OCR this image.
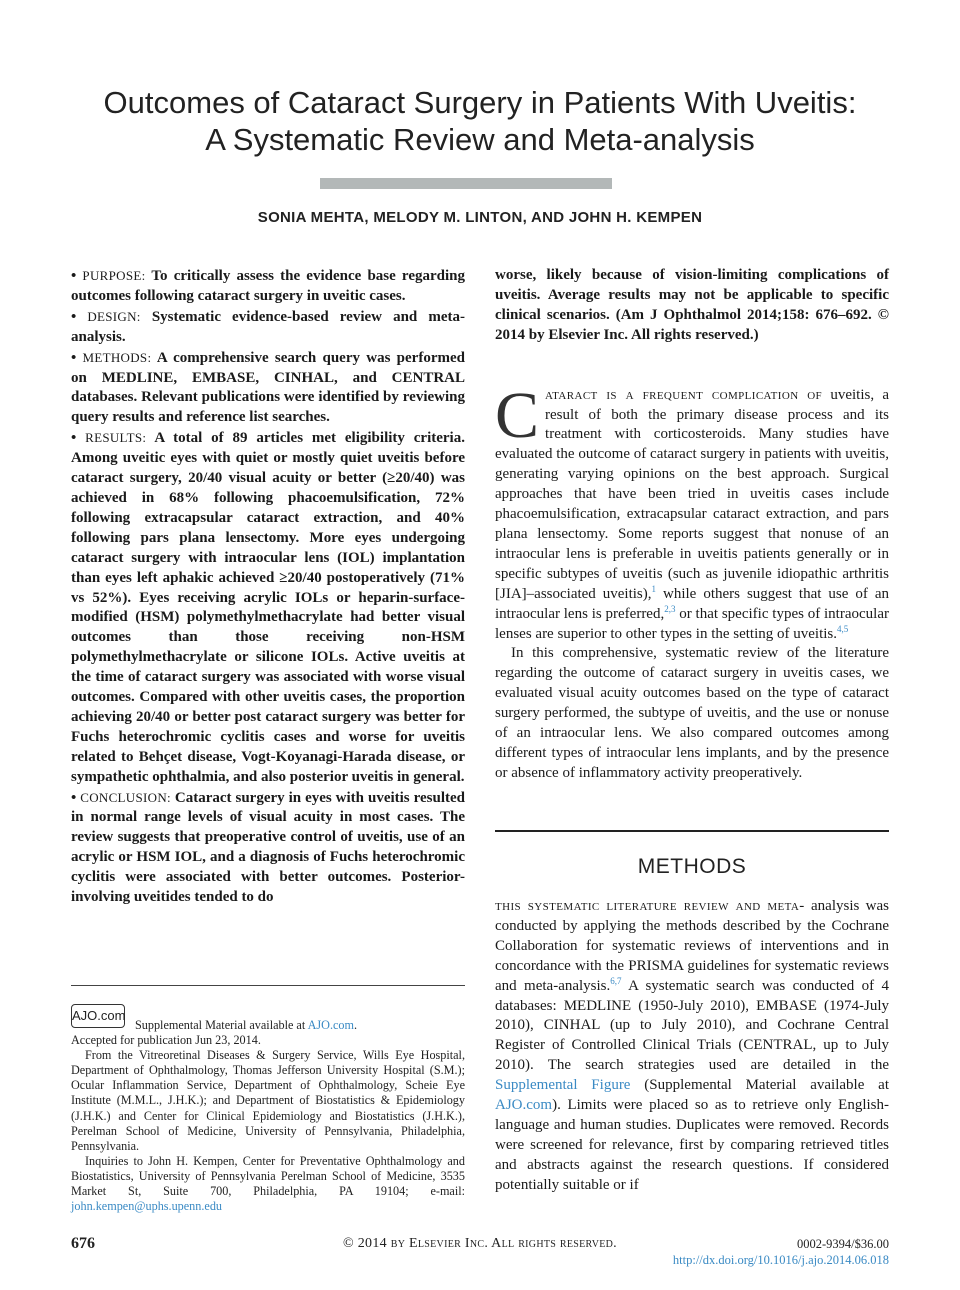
Outcomes of Cataract Surgery in Patients With Uveitis:
A Systematic Review and Meta-analysis
SONIA MEHTA, MELODY M. LINTON, AND JOHN H. KEMPEN

• PURPOSE: To critically assess the evidence base regarding outcomes following cataract surgery in uveitic cases.

• DESIGN: Systematic evidence-based review and meta-analysis.

• METHODS: A comprehensive search query was performed on MEDLINE, EMBASE, CINHAL, and CENTRAL databases. Relevant publications were identified by reviewing query results and reference list searches.

• RESULTS: A total of 89 articles met eligibility criteria. Among uveitic eyes with quiet or mostly quiet uveitis before cataract surgery, 20/40 visual acuity or better (≥20/40) was achieved in 68% following phacoemulsification, 72% following extracapsular cataract extraction, and 40% following pars plana lensectomy. More eyes undergoing cataract surgery with intraocular lens (IOL) implantation than eyes left aphakic achieved ≥20/40 postoperatively (71% vs 52%). Eyes receiving acrylic IOLs or heparin-surface-modified (HSM) polymethylmethacrylate had better visual outcomes than those receiving non-HSM polymethylmethacrylate or silicone IOLs. Active uveitis at the time of cataract surgery was associated with worse visual outcomes. Compared with other uveitis cases, the proportion achieving 20/40 or better post cataract surgery was better for Fuchs heterochromic cyclitis cases and worse for uveitis related to Behçet disease, Vogt-Koyanagi-Harada disease, or sympathetic ophthalmia, and also posterior uveitis in general.

• CONCLUSION: Cataract surgery in eyes with uveitis resulted in normal range levels of visual acuity in most cases. The review suggests that preoperative control of uveitis, use of an acrylic or HSM IOL, and a diagnosis of Fuchs heterochromic cyclitis were associated with better outcomes. Posterior-involving uveitides tended to do

worse, likely because of vision-limiting complications of uveitis. Average results may not be applicable to specific clinical scenarios. (Am J Ophthalmol 2014;158: 676–692. © 2014 by Elsevier Inc. All rights reserved.)

Cataract is a frequent complication of uveitis, a result of both the primary disease process and its treatment with corticosteroids. Many studies have evaluated the outcome of cataract surgery in patients with uveitis, generating varying opinions on the best approach. Surgical approaches that have been tried in uveitis cases include phacoemulsification, extracapsular cataract extraction, and pars plana lensectomy. Some reports suggest that nonuse of an intraocular lens is preferable in uveitis patients generally or in specific subtypes of uveitis (such as juvenile idiopathic arthritis [JIA]–associated uveitis),$^1$ while others suggest that use of an intraocular lens is preferred,$^{2,3}$ or that specific types of intraocular lenses are superior to other types in the setting of uveitis.$^{4,5}$

In this comprehensive, systematic review of the literature regarding the outcome of cataract surgery in uveitis cases, we evaluated visual acuity outcomes based on the type of cataract surgery performed, the subtype of uveitis, and the use or nonuse of an intraocular lens. We also compared outcomes among different types of intraocular lens implants, and by the presence or absence of inflammatory activity preoperatively.

METHODS

this systematic literature review and meta- analysis was conducted by applying the methods described by the Cochrane Collaboration for systematic reviews of interventions and in concordance with the PRISMA guidelines for systematic reviews and meta-analysis.$^{6,7}$ A systematic search was conducted of 4 databases: MEDLINE (1950-July 2010), EMBASE (1974-July 2010), CINHAL (up to July 2010), and Cochrane Central Register of Controlled Clinical Trials (CENTRAL, up to July 2010). The search strategies used are detailed in the Supplemental Figure (Supplemental Material available at AJO.com). Limits were placed so as to retrieve only English-language and human studies. Duplicates were removed. Records were screened for relevance, first by comparing retrieved titles and abstracts against the research questions. If considered potentially suitable or if

AJO.com

Supplemental Material available at AJO.com.

Accepted for publication Jun 23, 2014.

From the Vitreoretinal Diseases & Surgery Service, Wills Eye Hospital, Department of Ophthalmology, Thomas Jefferson University Hospital (S.M.); Ocular Inflammation Service, Department of Ophthalmology, Scheie Eye Institute (M.M.L., J.H.K.); and Department of Biostatistics & Epidemiology (J.H.K.) and Center for Clinical Epidemiology and Biostatistics (J.H.K.), Perelman School of Medicine, University of Pennsylvania, Philadelphia, Pennsylvania.

Inquiries to John H. Kempen, Center for Preventative Ophthalmology and Biostatistics, University of Pennsylvania Perelman School of Medicine, 3535 Market St, Suite 700, Philadelphia, PA 19104; e-mail: john.kempen@uphs.upenn.edu

676	© 2014 by Elsevier Inc. All rights reserved.	0002-9394/$36.00
http://dx.doi.org/10.1016/j.ajo.2014.06.018
